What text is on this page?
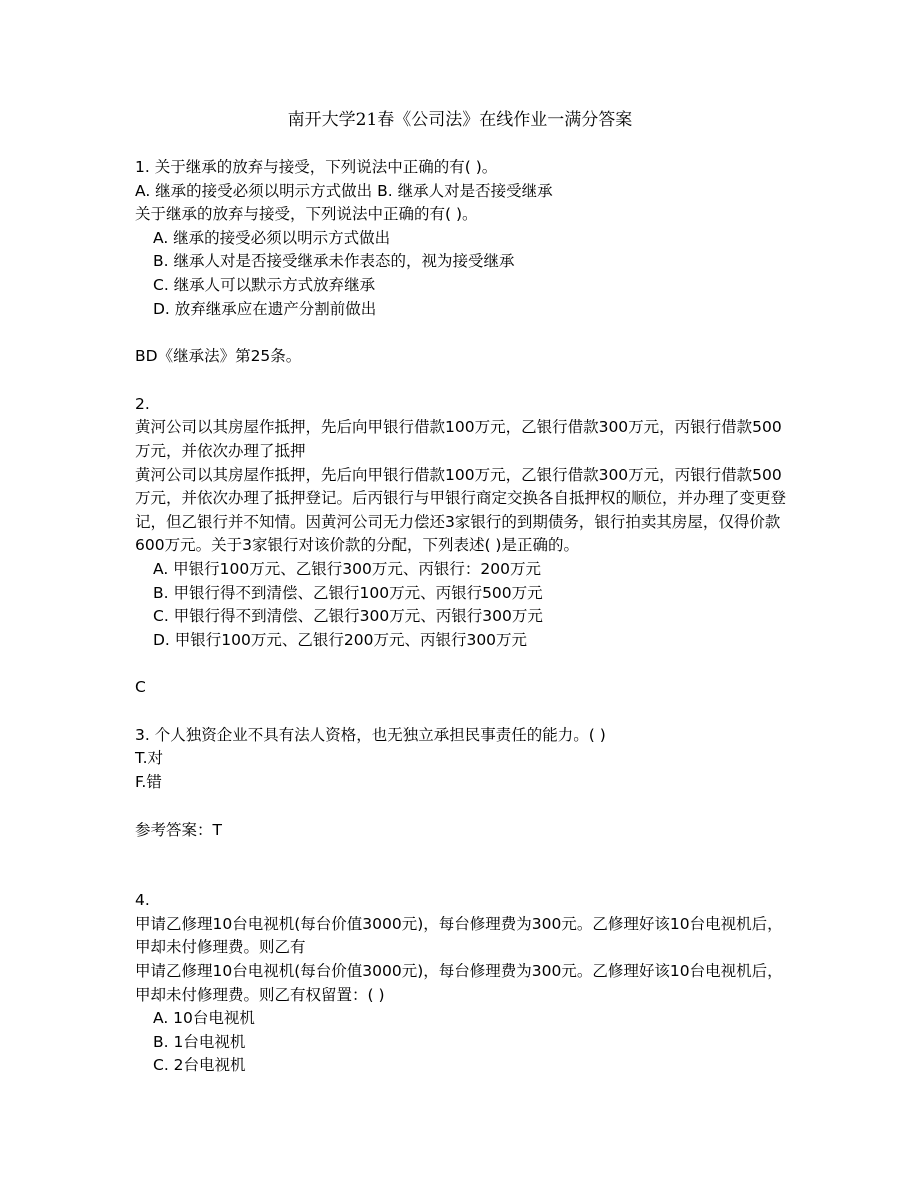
南开大学21春《公司法》在线作业一满分答案
1. 关于继承的放弃与接受，下列说法中正确的有( )。
A. 继承的接受必须以明示方式做出 B. 继承人对是否接受继承
关于继承的放弃与接受，下列说法中正确的有( )。
A. 继承的接受必须以明示方式做出
B. 继承人对是否接受继承未作表态的，视为接受继承
C. 继承人可以默示方式放弃继承
D. 放弃继承应在遗产分割前做出
BD《继承法》第25条。
2.
黄河公司以其房屋作抵押，先后向甲银行借款100万元，乙银行借款300万元，丙银行借款500万元，并依次办理了抵押
黄河公司以其房屋作抵押，先后向甲银行借款100万元，乙银行借款300万元，丙银行借款500万元，并依次办理了抵押登记。后丙银行与甲银行商定交换各自抵押权的顺位，并办理了变更登记，但乙银行并不知情。因黄河公司无力偿还3家银行的到期债务，银行拍卖其房屋，仅得价款600万元。关于3家银行对该价款的分配，下列表述( )是正确的。
A. 甲银行100万元、乙银行300万元、丙银行：200万元
B. 甲银行得不到清偿、乙银行100万元、丙银行500万元
C. 甲银行得不到清偿、乙银行300万元、丙银行300万元
D. 甲银行100万元、乙银行200万元、丙银行300万元
C
3. 个人独资企业不具有法人资格，也无独立承担民事责任的能力。( )
T.对
F.错
参考答案：T
4.
甲请乙修理10台电视机(每台价值3000元)，每台修理费为300元。乙修理好该10台电视机后，甲却未付修理费。则乙有
甲请乙修理10台电视机(每台价值3000元)，每台修理费为300元。乙修理好该10台电视机后，甲却未付修理费。则乙有权留置：( )
A. 10台电视机
B. 1台电视机
C. 2台电视机
